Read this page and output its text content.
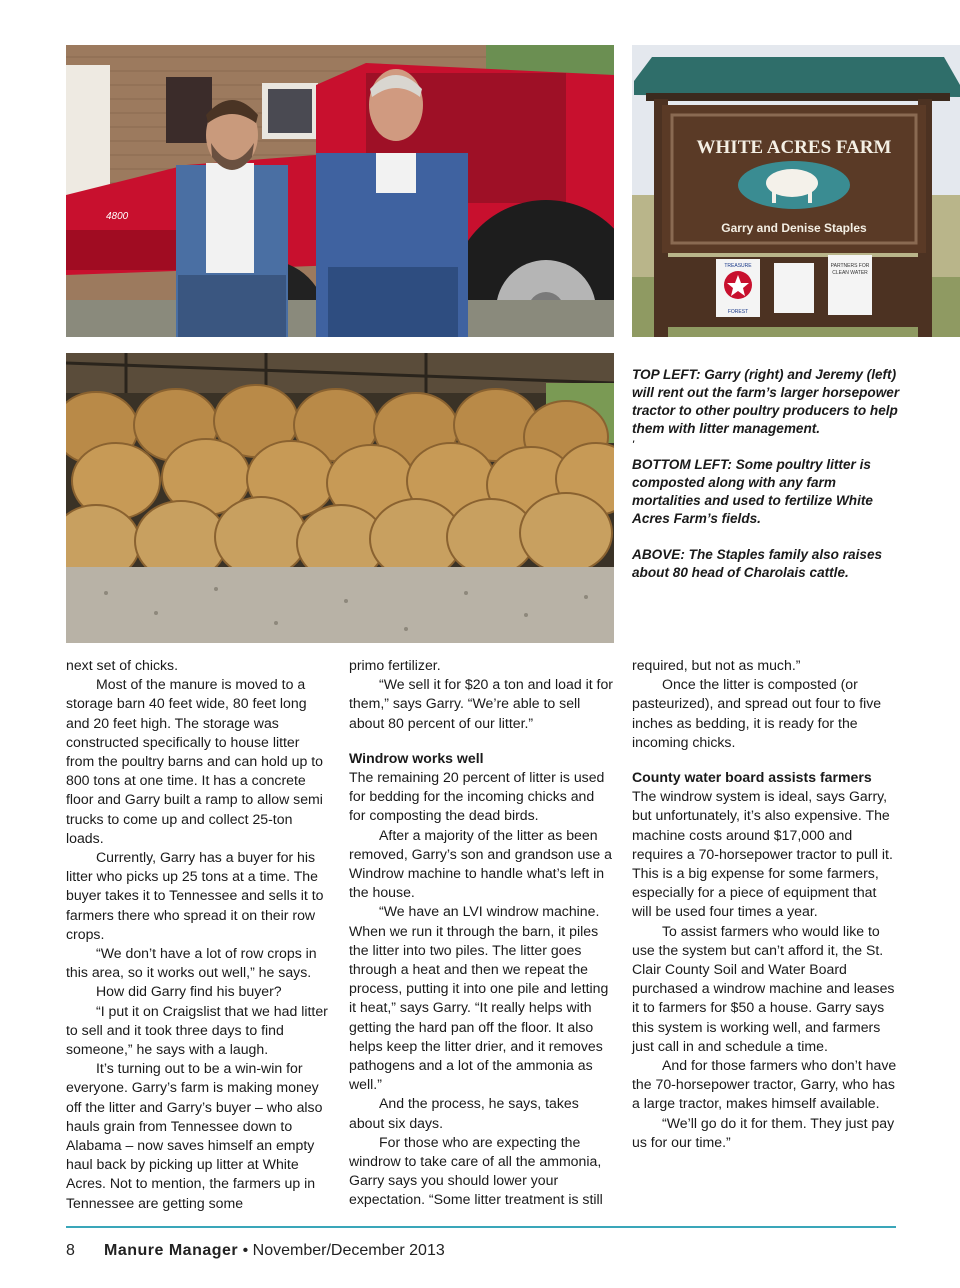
4800
WHITE ACRES FARM
Garry and Denise Staples
TREASURE
FOREST
PARTNERS FOR
CLEAN WATER

TOP LEFT: Garry (right) and Jeremy (left) will rent out the farm’s larger horsepower tractor to other poultry producers to help them with litter management.

'

BOTTOM LEFT: Some poultry litter is composted along with any farm mortalities and used to fertilize White Acres Farm’s fields.

ABOVE: The Staples family also raises about 80 head of Charolais cattle.

next set of chicks.

Most of the manure is moved to a storage barn 40 feet wide, 80 feet long and 20 feet high. The storage was constructed specifically to house litter from the poultry barns and can hold up to 800 tons at one time. It has a concrete floor and Garry built a ramp to allow semi trucks to come up and collect 25-ton loads.

Currently, Garry has a buyer for his litter who picks up 25 tons at a time. The buyer takes it to Tennessee and sells it to farmers there who spread it on their row crops.

“We don’t have a lot of row crops in this area, so it works out well,” he says.

How did Garry find his buyer?

“I put it on Craigslist that we had litter to sell and it took three days to find someone,” he says with a laugh.

It’s turning out to be a win-win for everyone. Garry’s farm is making money off the litter and Garry’s buyer – who also hauls grain from Tennessee down to Alabama – now saves himself an empty haul back by picking up litter at White Acres. Not to mention, the farmers up in Tennessee are getting some

primo fertilizer.

“We sell it for $20 a ton and load it for them,” says Garry. “We’re able to sell about 80 percent of our litter.”

Windrow works well

The remaining 20 percent of litter is used for bedding for the incoming chicks and for composting the dead birds.

After a majority of the litter as been removed, Garry’s son and grandson use a Windrow machine to handle what’s left in the house.

“We have an LVI windrow machine. When we run it through the barn, it piles the litter into two piles. The litter goes through a heat and then we repeat the process, putting it into one pile and letting it heat,” says Garry. “It really helps with getting the hard pan off the floor. It also helps keep the litter drier, and it removes pathogens and a lot of the ammonia as well.”

And the process, he says, takes about six days.

For those who are expecting the windrow to take care of all the ammonia, Garry says you should lower your expectation. “Some litter treatment is still

required, but not as much.”

Once the litter is composted (or pasteurized), and spread out four to five inches as bedding, it is ready for the incoming chicks.

County water board assists farmers

The windrow system is ideal, says Garry, but unfortunately, it’s also expensive. The machine costs around $17,000 and requires a 70-horsepower tractor to pull it. This is a big expense for some farmers, especially for a piece of equipment that will be used four times a year.

To assist farmers who would like to use the system but can’t afford it, the St. Clair County Soil and Water Board purchased a windrow machine and leases it to farmers for $50 a house. Garry says this system is working well, and farmers just call in and schedule a time.

And for those farmers who don’t have the 70-horsepower tractor, Garry, who has a large tractor, makes himself available.

“We’ll go do it for them. They just pay us for our time.”

8 Manure Manager • November/December 2013
